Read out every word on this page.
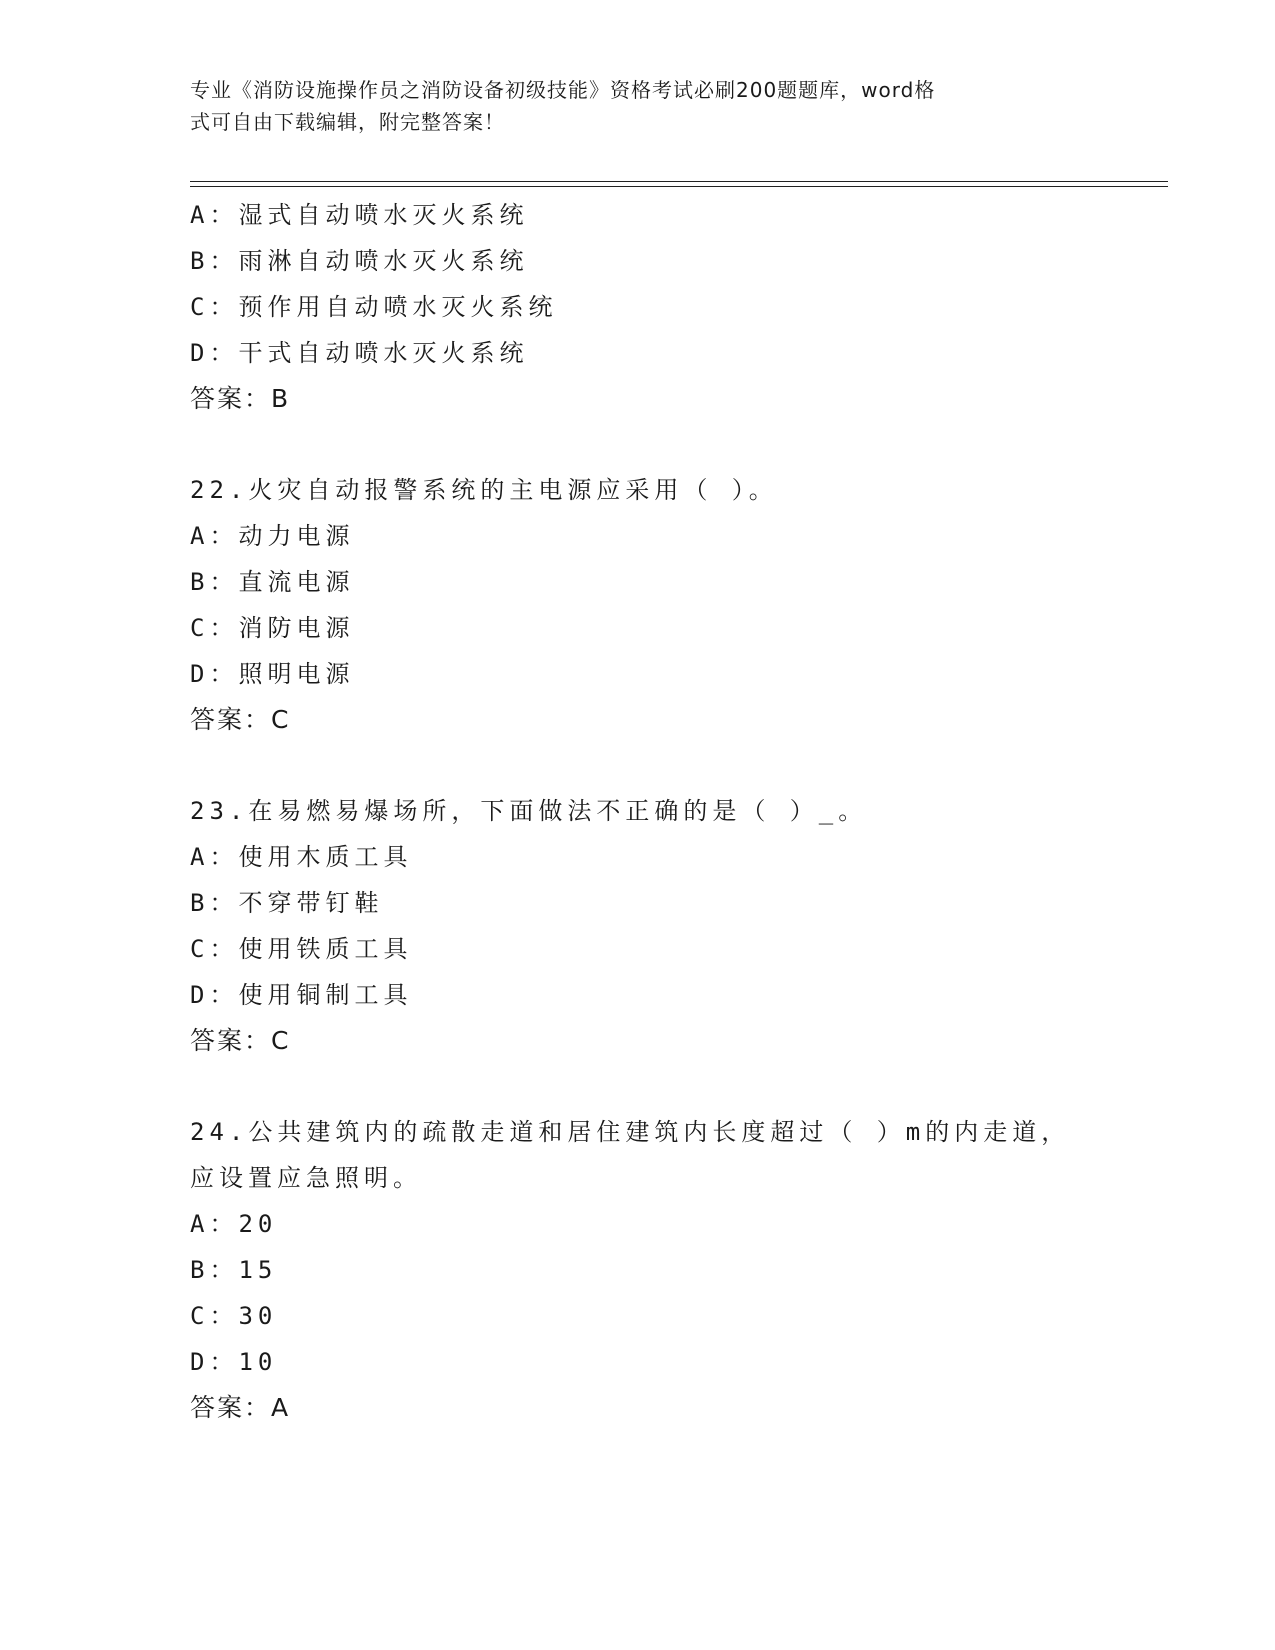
专业《消防设施操作员之消防设备初级技能》资格考试必刷200题题库，word格
式可自由下载编辑，附完整答案！
A：湿式自动喷水灭火系统
B：雨淋自动喷水灭火系统
C：预作用自动喷水灭火系统
D：干式自动喷水灭火系统
答案：B
22.火灾自动报警系统的主电源应采用（ ）。
A：动力电源
B：直流电源
C：消防电源
D：照明电源
答案：C
23.在易燃易爆场所，下面做法不正确的是（ ）_。
A：使用木质工具
B：不穿带钉鞋
C：使用铁质工具
D：使用铜制工具
答案：C
24.公共建筑内的疏散走道和居住建筑内长度超过（ ）m的内走道，
应设置应急照明。
A：20
B：15
C：30
D：10
答案：A
